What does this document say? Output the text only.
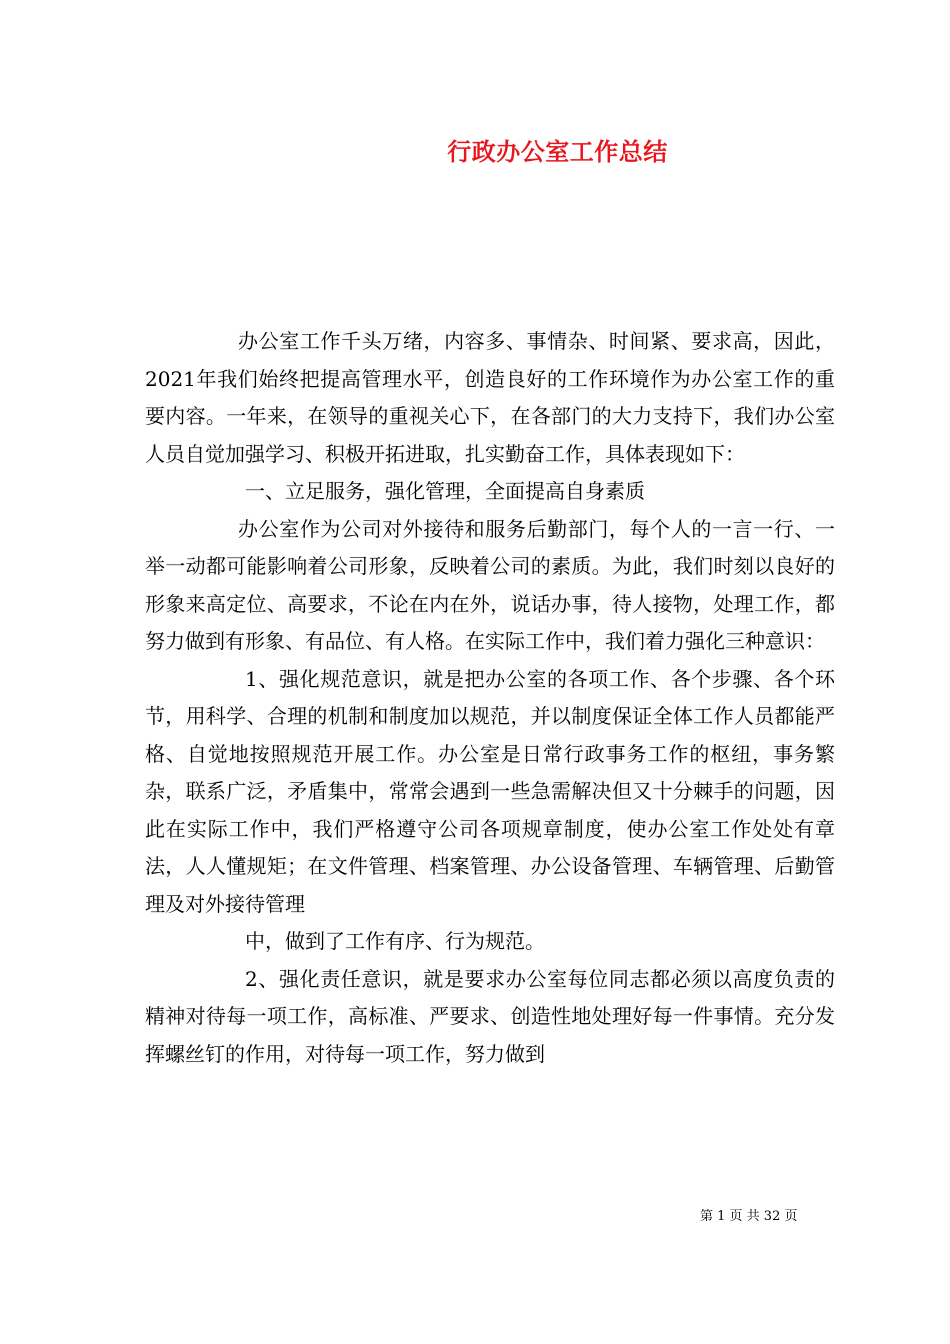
行政办公室工作总结

办公室工作千头万绪，内容多、事情杂、时间紧、要求高，因此，2021年我们始终把提高管理水平，创造良好的工作环境作为办公室工作的重要内容。一年来，在领导的重视关心下，在各部门的大力支持下，我们办公室人员自觉加强学习、积极开拓进取，扎实勤奋工作，具体表现如下：

一、立足服务，强化管理，全面提高自身素质

办公室作为公司对外接待和服务后勤部门，每个人的一言一行、一举一动都可能影响着公司形象，反映着公司的素质。为此，我们时刻以良好的形象来高定位、高要求，不论在内在外，说话办事，待人接物，处理工作，都努力做到有形象、有品位、有人格。在实际工作中，我们着力强化三种意识：

1、强化规范意识，就是把办公室的各项工作、各个步骤、各个环节，用科学、合理的机制和制度加以规范，并以制度保证全体工作人员都能严格、自觉地按照规范开展工作。办公室是日常行政事务工作的枢纽，事务繁杂，联系广泛，矛盾集中，常常会遇到一些急需解决但又十分棘手的问题，因此在实际工作中，我们严格遵守公司各项规章制度，使办公室工作处处有章法，人人懂规矩；在文件管理、档案管理、办公设备管理、车辆管理、后勤管理及对外接待管理

中，做到了工作有序、行为规范。

2、强化责任意识，就是要求办公室每位同志都必须以高度负责的精神对待每一项工作，高标准、严要求、创造性地处理好每一件事情。充分发挥螺丝钉的作用，对待每一项工作，努力做到

第 1 页 共 32 页
